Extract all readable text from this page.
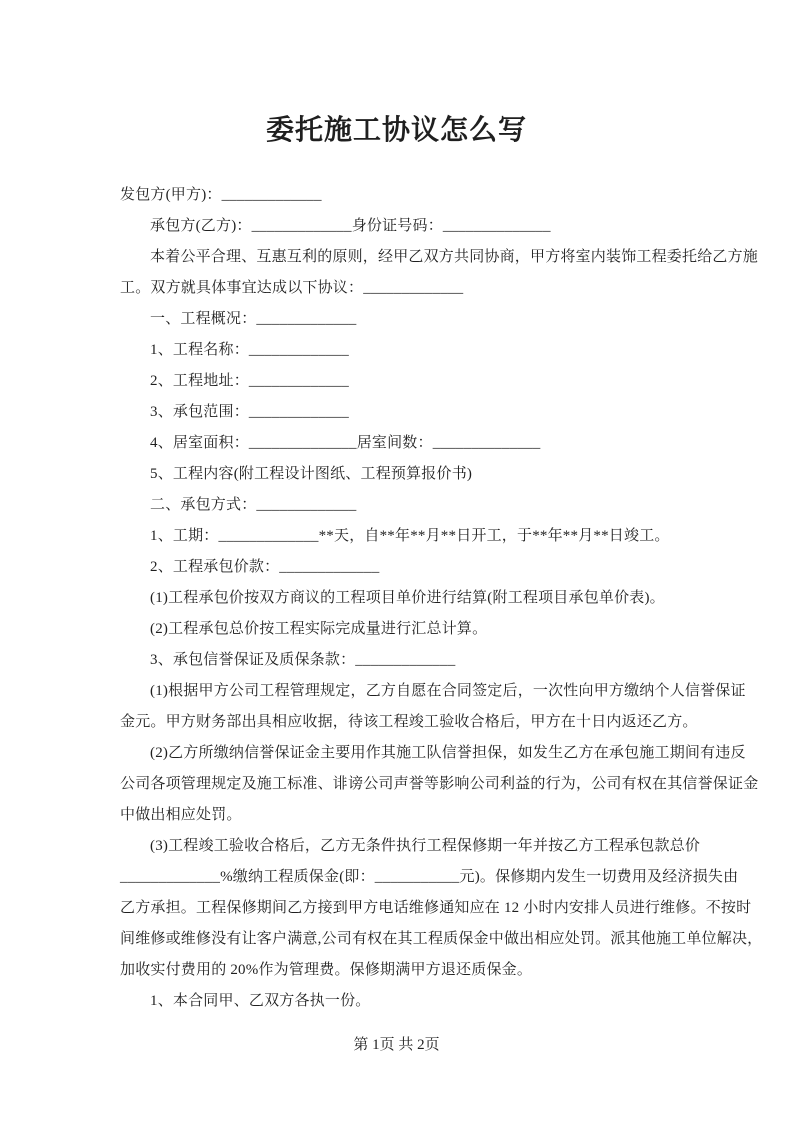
委托施工协议怎么写
发包方(甲方)：_____________
承包方(乙方)：_____________身份证号码：______________
本着公平合理、互惠互利的原则，经甲乙双方共同协商，甲方将室内装饰工程委托给乙方施
工。双方就具体事宜达成以下协议：_____________
一、工程概况：_____________
1、工程名称：_____________
2、工程地址：_____________
3、承包范围：_____________
4、居室面积：______________居室间数：______________
5、工程内容(附工程设计图纸、工程预算报价书)
二、承包方式：_____________
1、工期：_____________**天，自**年**月**日开工，于**年**月**日竣工。
2、工程承包价款：_____________
(1)工程承包价按双方商议的工程项目单价进行结算(附工程项目承包单价表)。
(2)工程承包总价按工程实际完成量进行汇总计算。
3、承包信誉保证及质保条款：_____________
(1)根据甲方公司工程管理规定，乙方自愿在合同签定后，一次性向甲方缴纳个人信誉保证
金元。甲方财务部出具相应收据，待该工程竣工验收合格后，甲方在十日内返还乙方。
(2)乙方所缴纳信誉保证金主要用作其施工队信誉担保，如发生乙方在承包施工期间有违反
公司各项管理规定及施工标准、诽谤公司声誉等影响公司利益的行为，公司有权在其信誉保证金
中做出相应处罚。
(3)工程竣工验收合格后，乙方无条件执行工程保修期一年并按乙方工程承包款总价
_____________%缴纳工程质保金(即：___________元)。保修期内发生一切费用及经济损失由
乙方承担。工程保修期间乙方接到甲方电话维修通知应在 12 小时内安排人员进行维修。不按时
间维修或维修没有让客户满意,公司有权在其工程质保金中做出相应处罚。派其他施工单位解决，
加收实付费用的 20%作为管理费。保修期满甲方退还质保金。
1、本合同甲、乙双方各执一份。
第 1页 共 2页
